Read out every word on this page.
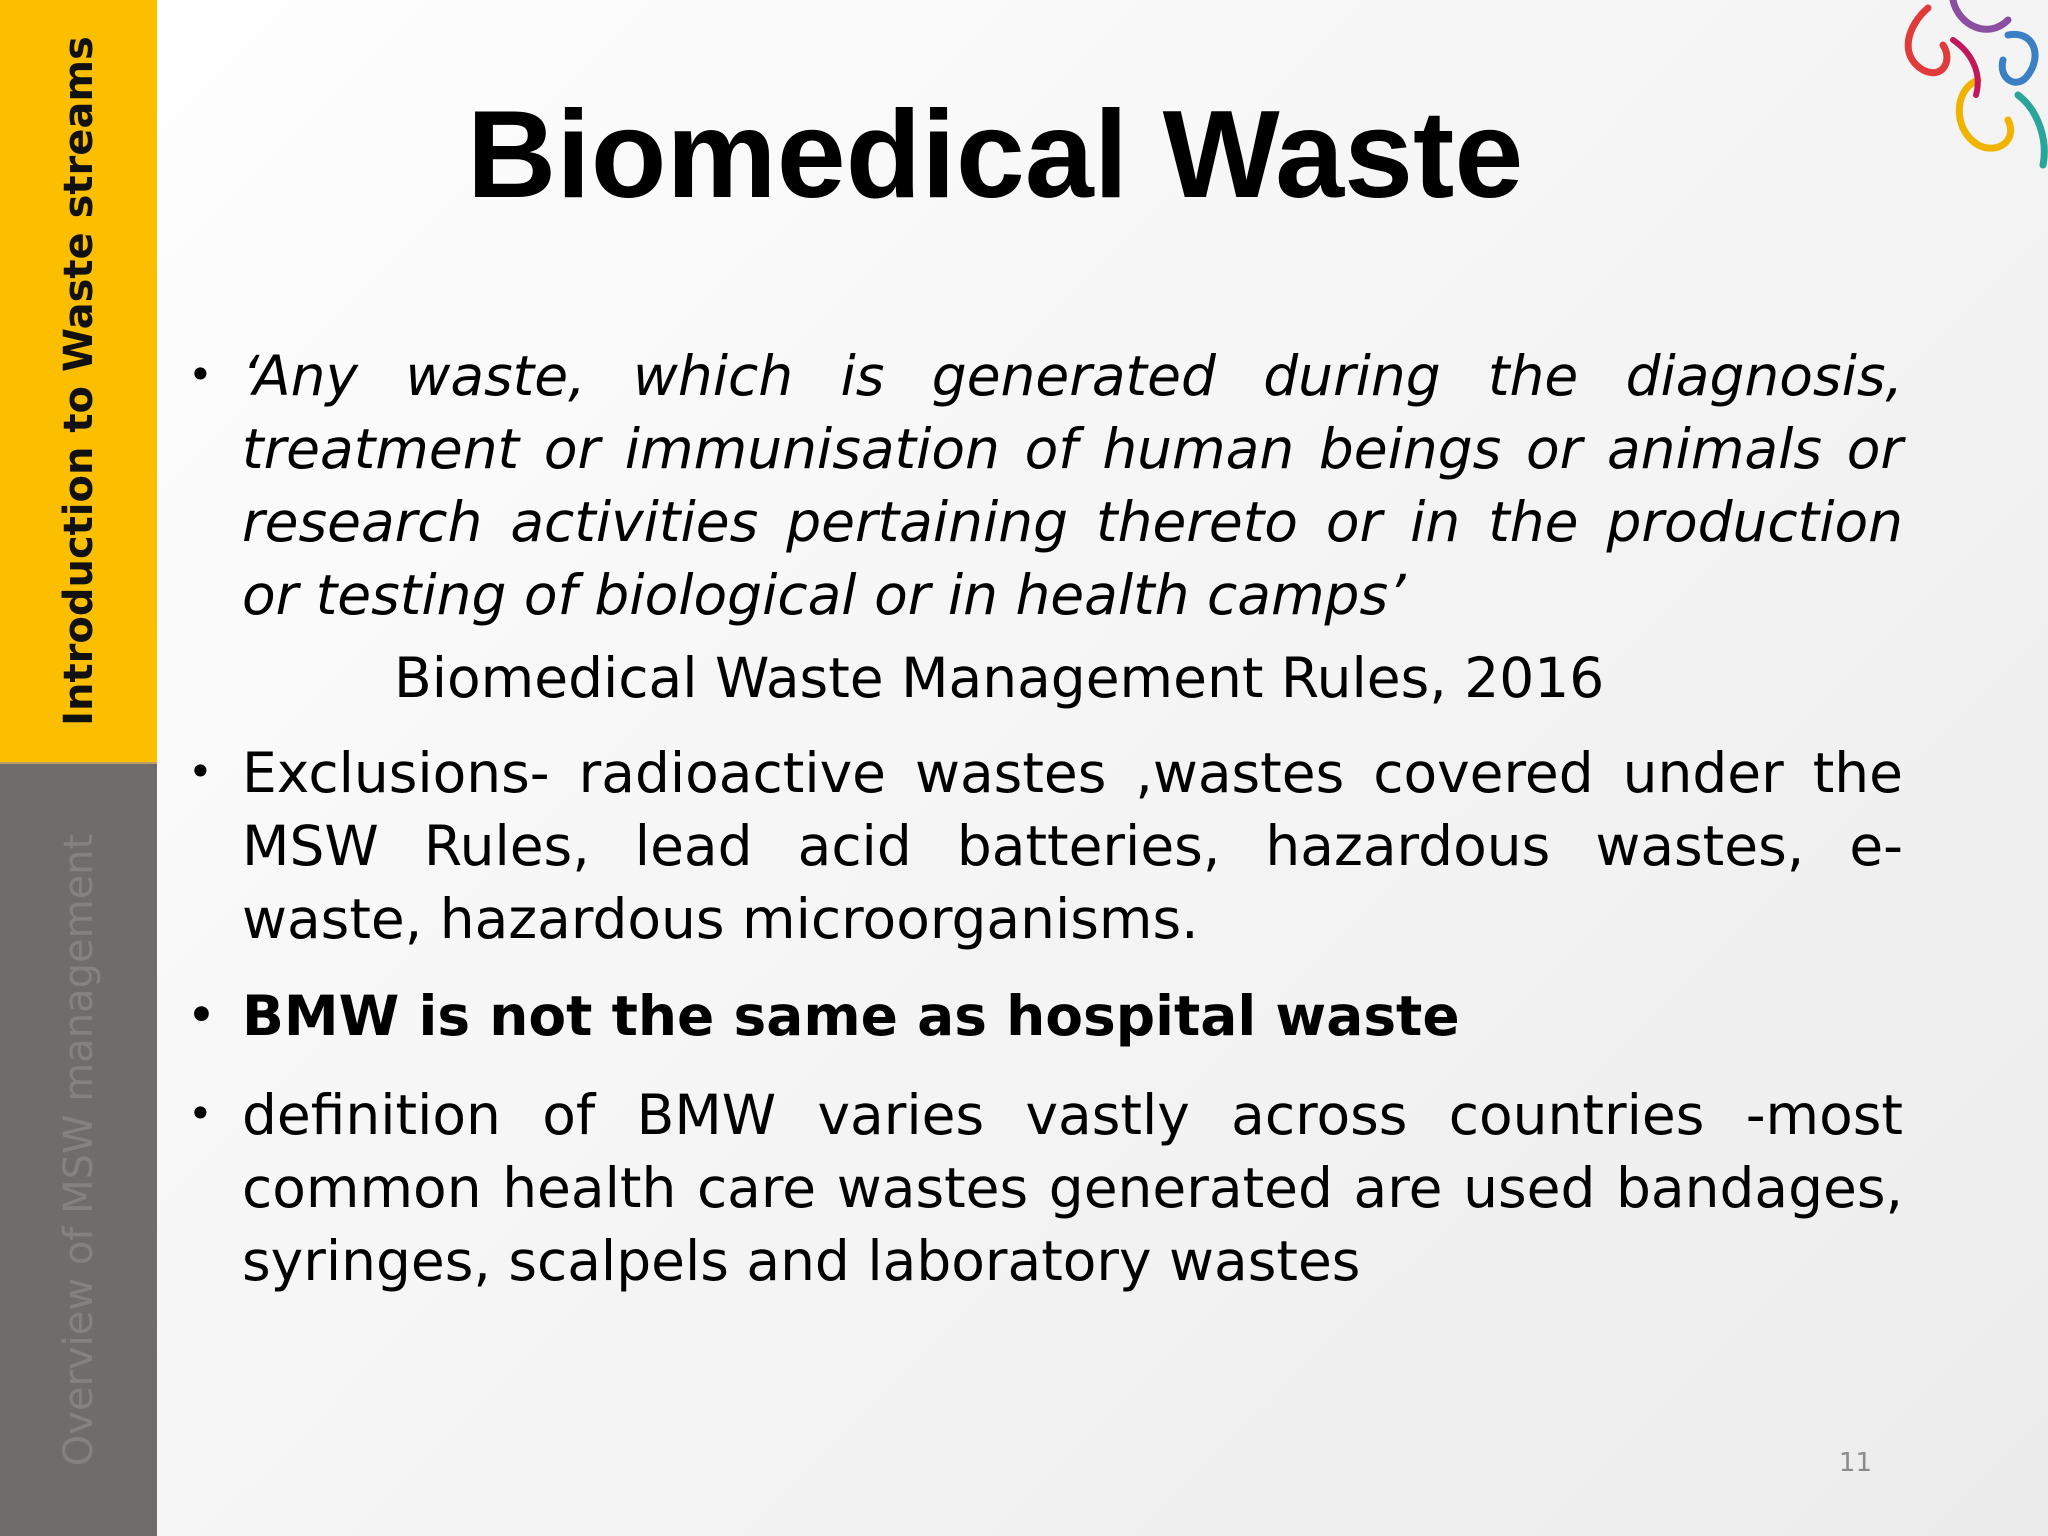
Introduction to Waste streams
Overview of MSW management
Biomedical Waste

• ‘Any waste, which is generated during the diagnosis, treatment or immunisation of human beings or animals or research activities pertaining thereto or in the production or testing of biological or in health camps’

Biomedical Waste Management Rules, 2016

• Exclusions- radioactive wastes ,wastes covered under the MSW Rules, lead acid batteries, hazardous wastes, e- waste, hazardous microorganisms.

• BMW is not the same as hospital waste

• definition of BMW varies vastly across countries -most common health care wastes generated are used bandages, syringes, scalpels and laboratory wastes

11
